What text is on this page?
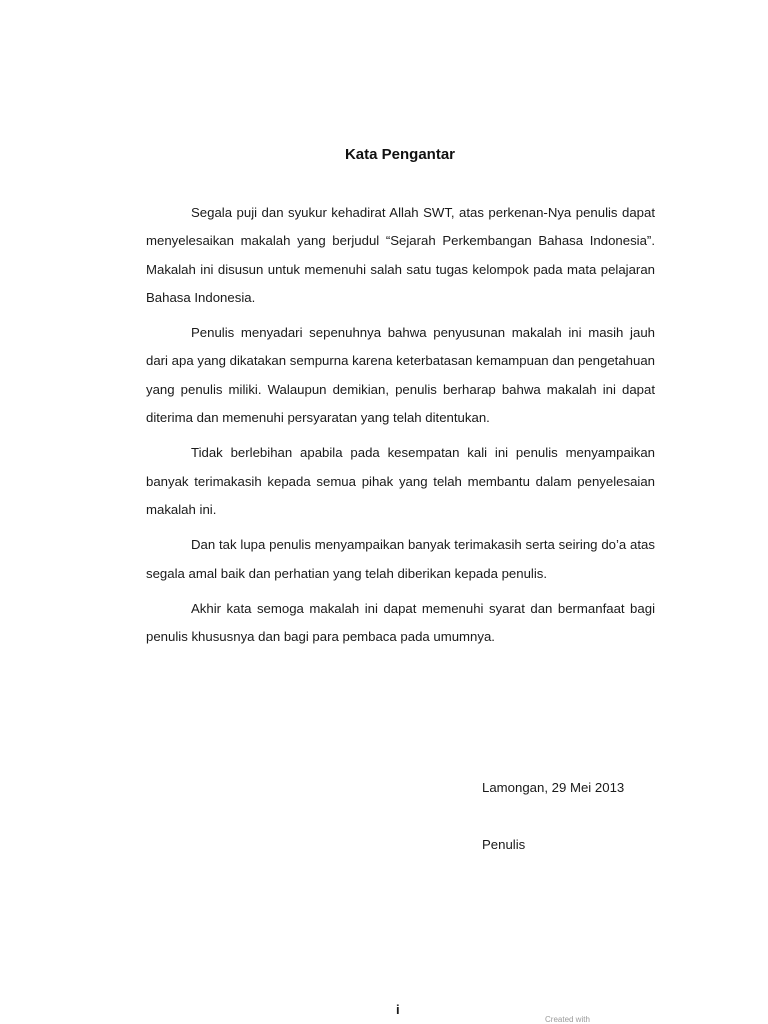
Kata Pengantar

Segala puji dan syukur kehadirat Allah SWT, atas perkenan-Nya penulis dapat menyelesaikan makalah yang berjudul “Sejarah Perkembangan Bahasa Indonesia”. Makalah ini disusun untuk memenuhi salah satu tugas kelompok pada mata pelajaran Bahasa Indonesia.

Penulis menyadari sepenuhnya bahwa penyusunan makalah ini masih jauh dari apa yang dikatakan sempurna karena keterbatasan kemampuan dan pengetahuan yang penulis miliki. Walaupun demikian, penulis berharap bahwa makalah ini dapat diterima dan memenuhi persyaratan yang telah ditentukan.

Tidak berlebihan apabila pada kesempatan kali ini penulis menyampaikan banyak terimakasih kepada semua pihak yang telah membantu dalam penyelesaian makalah ini.

Dan tak lupa penulis menyampaikan banyak terimakasih serta seiring do’a atas segala amal baik dan perhatian yang telah diberikan kepada penulis.

Akhir kata semoga makalah ini dapat memenuhi syarat dan bermanfaat bagi penulis khususnya dan bagi para pembaca pada umumnya.

Lamongan, 29 Mei 2013
Penulis
i
Created with
